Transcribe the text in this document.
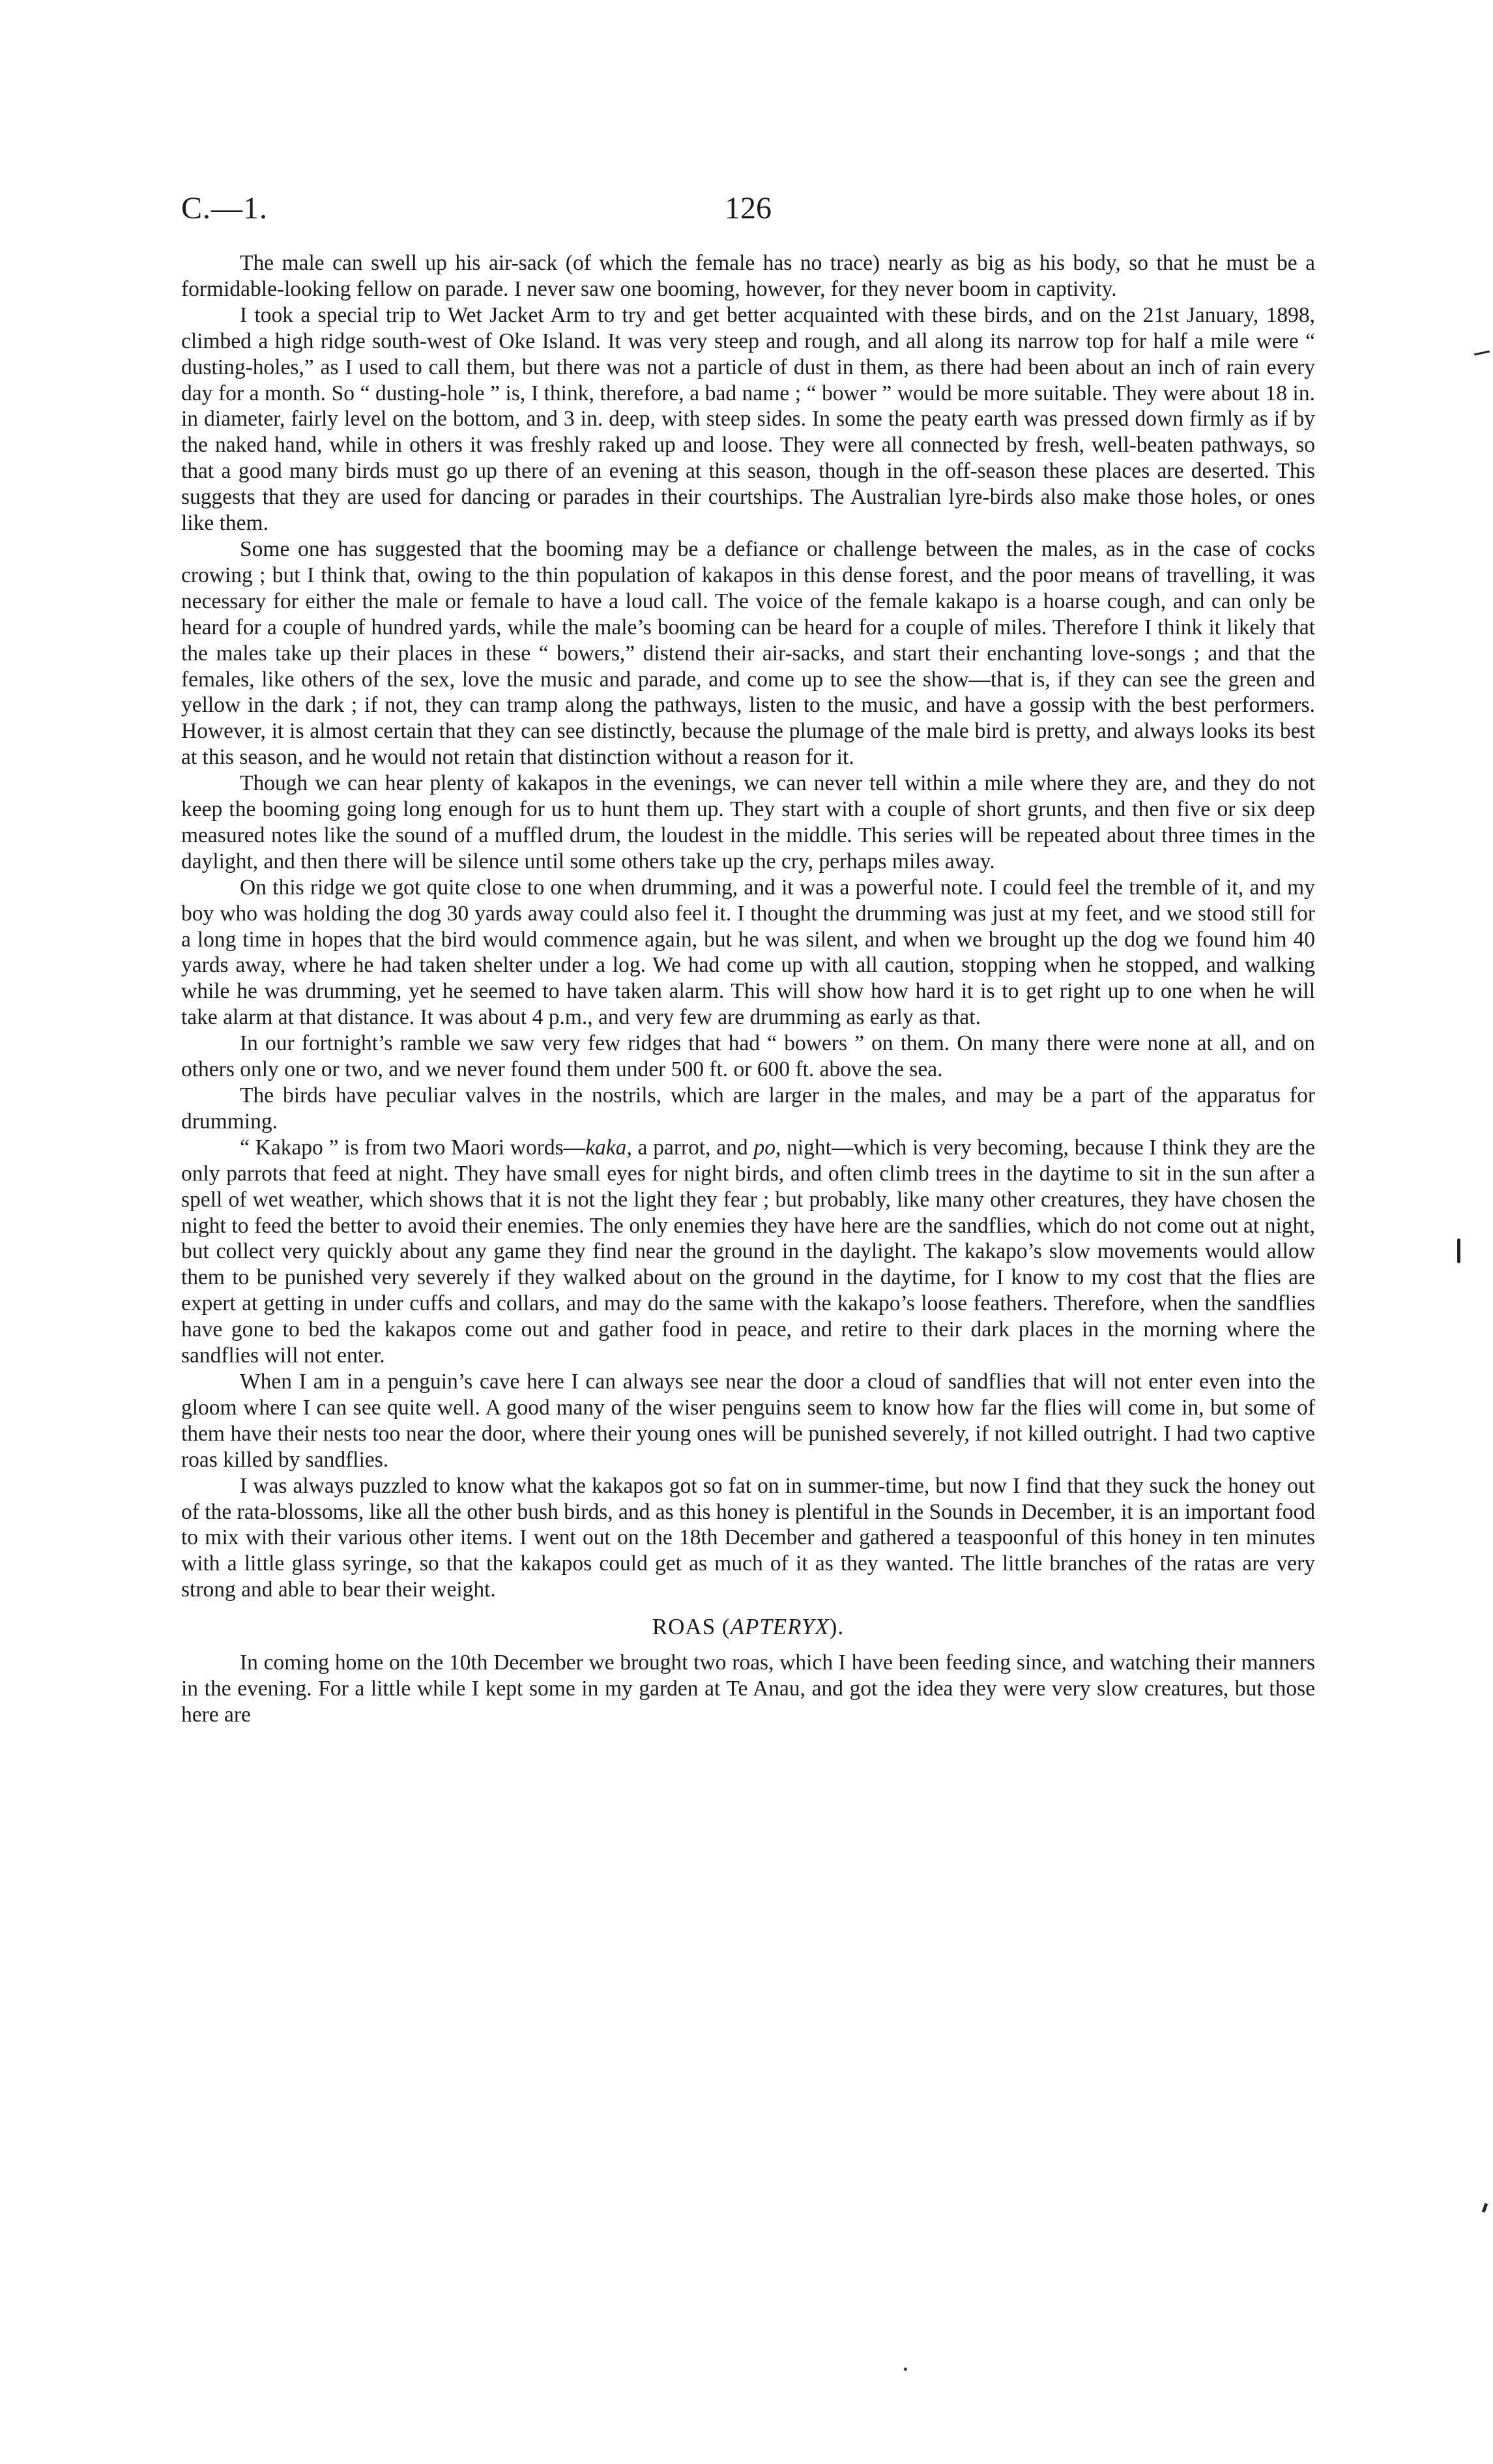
C.—1.	126

The male can swell up his air-sack (of which the female has no trace) nearly as big as his body, so that he must be a formidable-looking fellow on parade. I never saw one booming, however, for they never boom in captivity.

I took a special trip to Wet Jacket Arm to try and get better acquainted with these birds, and on the 21st January, 1898, climbed a high ridge south-west of Oke Island. It was very steep and rough, and all along its narrow top for half a mile were “ dusting-holes,” as I used to call them, but there was not a particle of dust in them, as there had been about an inch of rain every day for a month. So “ dusting-hole ” is, I think, therefore, a bad name ; “ bower ” would be more suitable. They were about 18 in. in diameter, fairly level on the bottom, and 3 in. deep, with steep sides. In some the peaty earth was pressed down firmly as if by the naked hand, while in others it was freshly raked up and loose. They were all connected by fresh, well-beaten pathways, so that a good many birds must go up there of an evening at this season, though in the off-season these places are deserted. This suggests that they are used for dancing or parades in their courtships. The Australian lyre-birds also make those holes, or ones like them.

Some one has suggested that the booming may be a defiance or challenge between the males, as in the case of cocks crowing ; but I think that, owing to the thin population of kakapos in this dense forest, and the poor means of travelling, it was necessary for either the male or female to have a loud call. The voice of the female kakapo is a hoarse cough, and can only be heard for a couple of hundred yards, while the male’s booming can be heard for a couple of miles. Therefore I think it likely that the males take up their places in these “ bowers,” distend their air-sacks, and start their enchanting love-songs ; and that the females, like others of the sex, love the music and parade, and come up to see the show—that is, if they can see the green and yellow in the dark ; if not, they can tramp along the pathways, listen to the music, and have a gossip with the best performers. However, it is almost certain that they can see distinctly, because the plumage of the male bird is pretty, and always looks its best at this season, and he would not retain that distinction without a reason for it.

Though we can hear plenty of kakapos in the evenings, we can never tell within a mile where they are, and they do not keep the booming going long enough for us to hunt them up. They start with a couple of short grunts, and then five or six deep measured notes like the sound of a muffled drum, the loudest in the middle. This series will be repeated about three times in the daylight, and then there will be silence until some others take up the cry, perhaps miles away.

On this ridge we got quite close to one when drumming, and it was a powerful note. I could feel the tremble of it, and my boy who was holding the dog 30 yards away could also feel it. I thought the drumming was just at my feet, and we stood still for a long time in hopes that the bird would commence again, but he was silent, and when we brought up the dog we found him 40 yards away, where he had taken shelter under a log. We had come up with all caution, stopping when he stopped, and walking while he was drumming, yet he seemed to have taken alarm. This will show how hard it is to get right up to one when he will take alarm at that distance. It was about 4 p.m., and very few are drumming as early as that.

In our fortnight’s ramble we saw very few ridges that had “ bowers ” on them. On many there were none at all, and on others only one or two, and we never found them under 500 ft. or 600 ft. above the sea.

The birds have peculiar valves in the nostrils, which are larger in the males, and may be a part of the apparatus for drumming.

“ Kakapo ” is from two Maori words—kaka, a parrot, and po, night—which is very becoming, because I think they are the only parrots that feed at night. They have small eyes for night birds, and often climb trees in the daytime to sit in the sun after a spell of wet weather, which shows that it is not the light they fear ; but probably, like many other creatures, they have chosen the night to feed the better to avoid their enemies. The only enemies they have here are the sandflies, which do not come out at night, but collect very quickly about any game they find near the ground in the daylight. The kakapo’s slow movements would allow them to be punished very severely if they walked about on the ground in the daytime, for I know to my cost that the flies are expert at getting in under cuffs and collars, and may do the same with the kakapo’s loose feathers. Therefore, when the sandflies have gone to bed the kakapos come out and gather food in peace, and retire to their dark places in the morning where the sandflies will not enter.

When I am in a penguin’s cave here I can always see near the door a cloud of sandflies that will not enter even into the gloom where I can see quite well. A good many of the wiser penguins seem to know how far the flies will come in, but some of them have their nests too near the door, where their young ones will be punished severely, if not killed outright. I had two captive roas killed by sandflies.

I was always puzzled to know what the kakapos got so fat on in summer-time, but now I find that they suck the honey out of the rata-blossoms, like all the other bush birds, and as this honey is plentiful in the Sounds in December, it is an important food to mix with their various other items. I went out on the 18th December and gathered a teaspoonful of this honey in ten minutes with a little glass syringe, so that the kakapos could get as much of it as they wanted. The little branches of the ratas are very strong and able to bear their weight.

ROAS (APTERYX).

In coming home on the 10th December we brought two roas, which I have been feeding since, and watching their manners in the evening. For a little while I kept some in my garden at Te Anau, and got the idea they were very slow creatures, but those here are
